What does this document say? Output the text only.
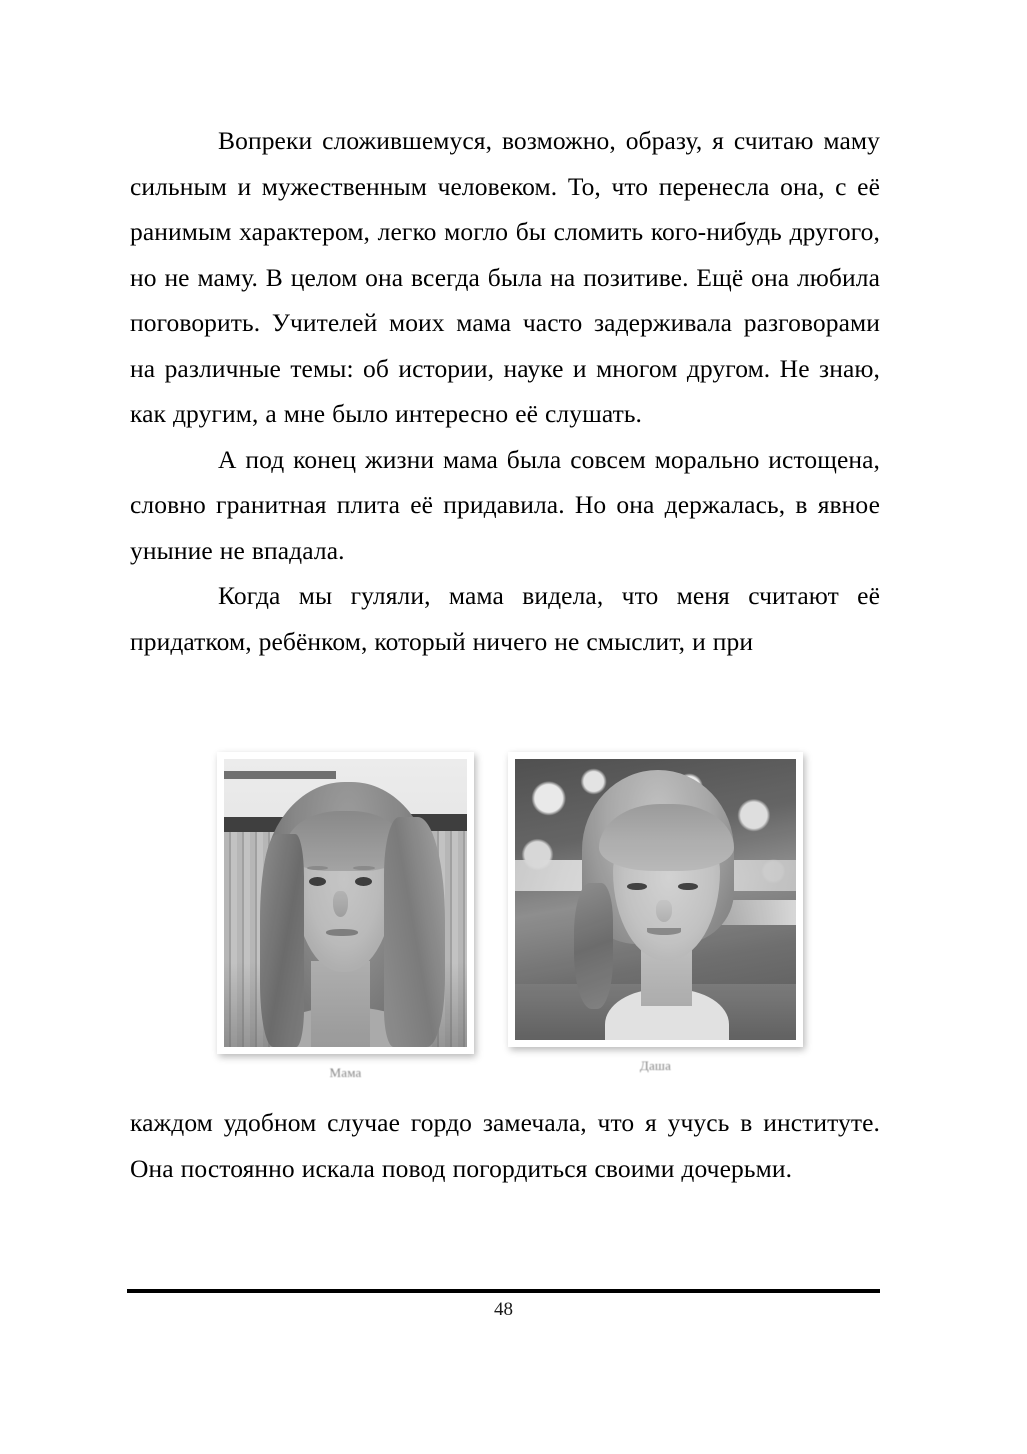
Вопреки сложившемуся, возможно, образу, я считаю маму сильным и мужественным человеком. То, что перенесла она, с её ранимым характером, легко могло бы сломить кого-нибудь другого, но не маму. В целом она всегда была на позитиве. Ещё она любила поговорить. Учителей моих мама часто задерживала разговорами на различные темы: об истории, науке и многом другом. Не знаю, как другим, а мне было интересно её слушать.

А под конец жизни мама была совсем морально истощена, словно гранитная плита её придавила. Но она держалась, в явное уныние не впадала.

Когда мы гуляли, мама видела, что меня считают её придатком, ребёнком, который ничего не смыслит, и при

Мама	Даша

каждом удобном случае гордо замечала, что я учусь в институте. Она постоянно искала повод погордиться своими дочерьми.

48
